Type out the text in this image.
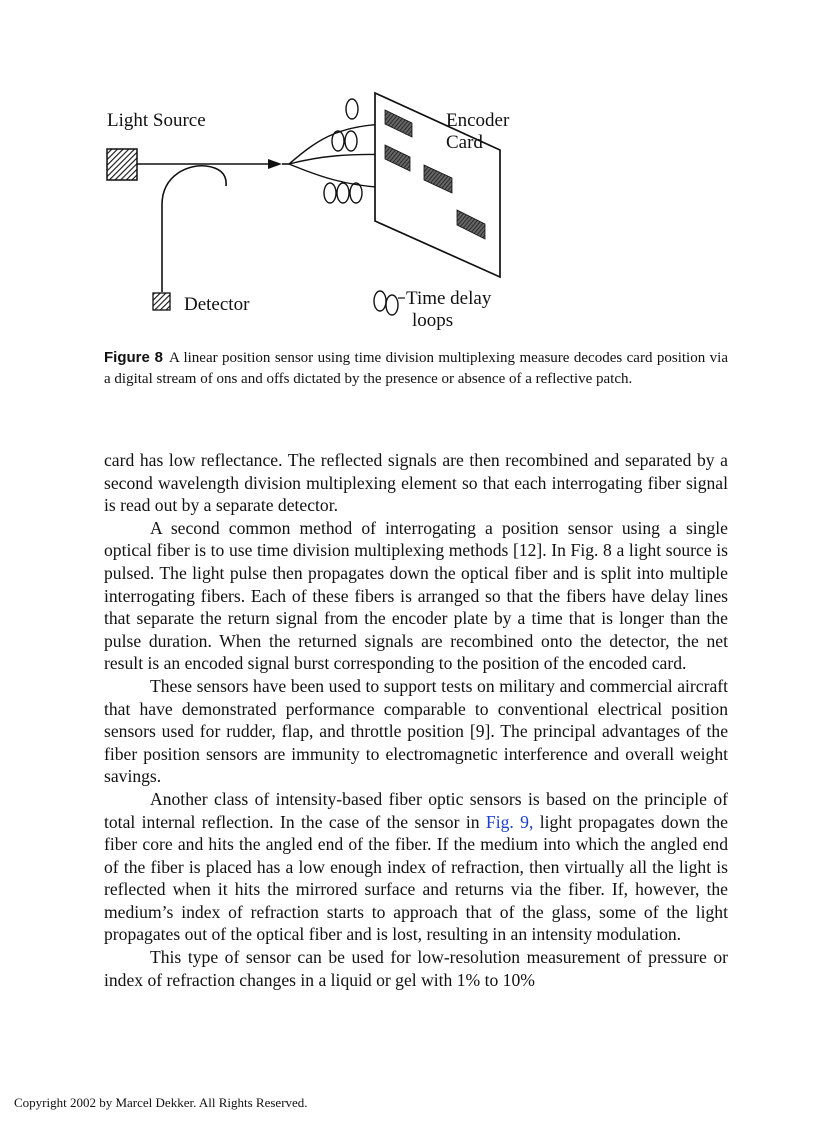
Light Source	Encoder
Card
Detector	Time delay
loops
Figure 8 A linear position sensor using time division multiplexing measure decodes card position via a digital stream of ons and offs dictated by the presence or absence of a reflective patch.

card has low reflectance. The reflected signals are then recombined and separated by a second wavelength division multiplexing element so that each interrogating fiber signal is read out by a separate detector.

A second common method of interrogating a position sensor using a single optical fiber is to use time division multiplexing methods [12]. In Fig. 8 a light source is pulsed. The light pulse then propagates down the optical fiber and is split into multiple interrogating fibers. Each of these fibers is arranged so that the fibers have delay lines that separate the return signal from the encoder plate by a time that is longer than the pulse duration. When the returned signals are recombined onto the detector, the net result is an encoded signal burst corresponding to the position of the encoded card.

These sensors have been used to support tests on military and commercial aircraft that have demonstrated performance comparable to conventional electrical position sensors used for rudder, flap, and throttle position [9]. The principal advantages of the fiber position sensors are immunity to electromagnetic interference and overall weight savings.

Another class of intensity-based fiber optic sensors is based on the principle of total internal reflection. In the case of the sensor in Fig. 9, light propagates down the fiber core and hits the angled end of the fiber. If the medium into which the angled end of the fiber is placed has a low enough index of refraction, then virtually all the light is reflected when it hits the mirrored surface and returns via the fiber. If, however, the medium’s index of refraction starts to approach that of the glass, some of the light propagates out of the optical fiber and is lost, resulting in an intensity modulation.

This type of sensor can be used for low-resolution measurement of pressure or index of refraction changes in a liquid or gel with 1% to 10%

Copyright 2002 by Marcel Dekker. All Rights Reserved.
